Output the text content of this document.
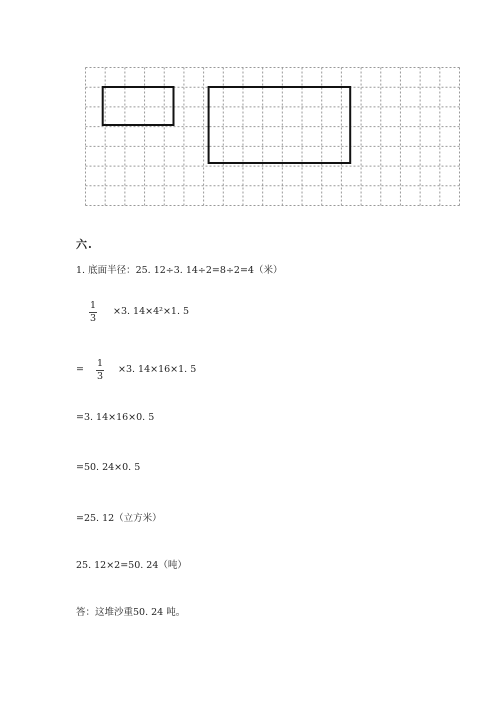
六.
1. 底面半径：25. 12÷3. 14÷2=8÷2=4（米）
1
3
×3. 14×4²×1. 5
=
1
3
×3. 14×16×1. 5
=3. 14×16×0. 5
=50. 24×0. 5
=25. 12（立方米）
25. 12×2=50. 24（吨）
答：这堆沙重50. 24 吨。
